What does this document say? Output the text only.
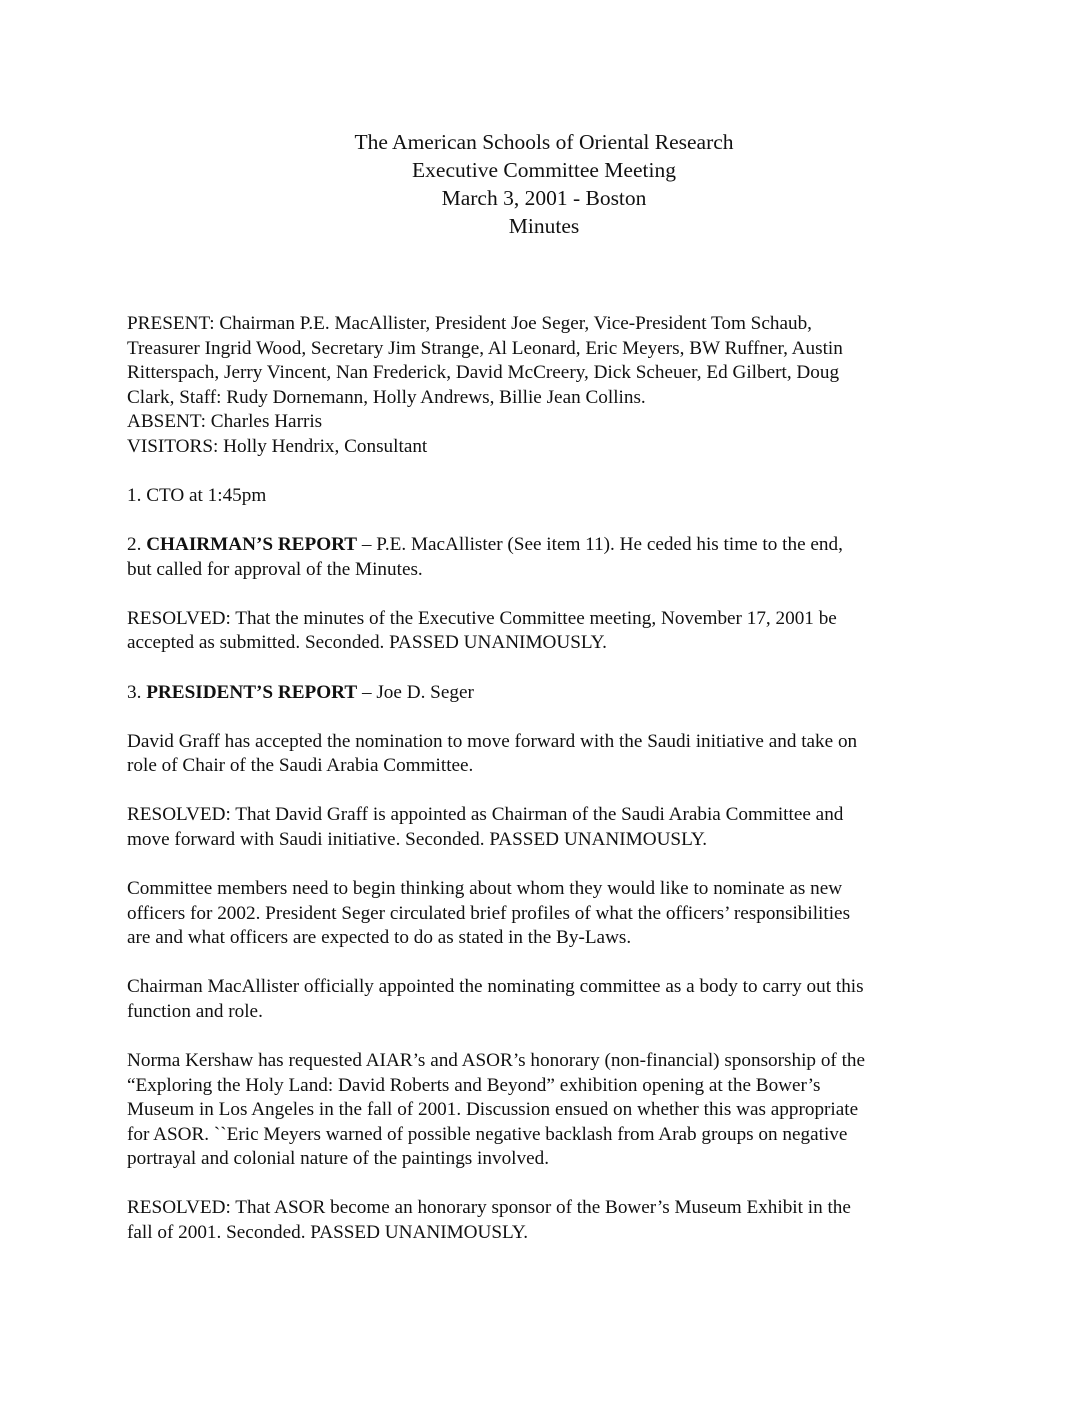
The American Schools of Oriental Research
Executive Committee Meeting
March 3, 2001 - Boston
Minutes
PRESENT: Chairman P.E. MacAllister, President Joe Seger, Vice-President Tom Schaub,
Treasurer Ingrid Wood, Secretary Jim Strange, Al Leonard, Eric Meyers, BW Ruffner, Austin
Ritterspach, Jerry Vincent, Nan Frederick, David McCreery, Dick Scheuer, Ed Gilbert, Doug
Clark, Staff: Rudy Dornemann, Holly Andrews, Billie Jean Collins.
ABSENT: Charles Harris
VISITORS: Holly Hendrix, Consultant
1. CTO at 1:45pm
2. CHAIRMAN’S REPORT – P.E. MacAllister (See item 11). He ceded his time to the end,
but called for approval of the Minutes.
RESOLVED: That the minutes of the Executive Committee meeting, November 17, 2001 be
accepted as submitted. Seconded. PASSED UNANIMOUSLY.
3. PRESIDENT’S REPORT – Joe D. Seger
David Graff has accepted the nomination to move forward with the Saudi initiative and take on
role of Chair of the Saudi Arabia Committee.
RESOLVED: That David Graff is appointed as Chairman of the Saudi Arabia Committee and
move forward with Saudi initiative. Seconded. PASSED UNANIMOUSLY.
Committee members need to begin thinking about whom they would like to nominate as new
officers for 2002. President Seger circulated brief profiles of what the officers’ responsibilities
are and what officers are expected to do as stated in the By-Laws.
Chairman MacAllister officially appointed the nominating committee as a body to carry out this
function and role.
Norma Kershaw has requested AIAR’s and ASOR’s honorary (non-financial) sponsorship of the
“Exploring the Holy Land: David Roberts and Beyond” exhibition opening at the Bower’s
Museum in Los Angeles in the fall of 2001. Discussion ensued on whether this was appropriate
for ASOR. ``Eric Meyers warned of possible negative backlash from Arab groups on negative
portrayal and colonial nature of the paintings involved.
RESOLVED: That ASOR become an honorary sponsor of the Bower’s Museum Exhibit in the
fall of 2001. Seconded. PASSED UNANIMOUSLY.
